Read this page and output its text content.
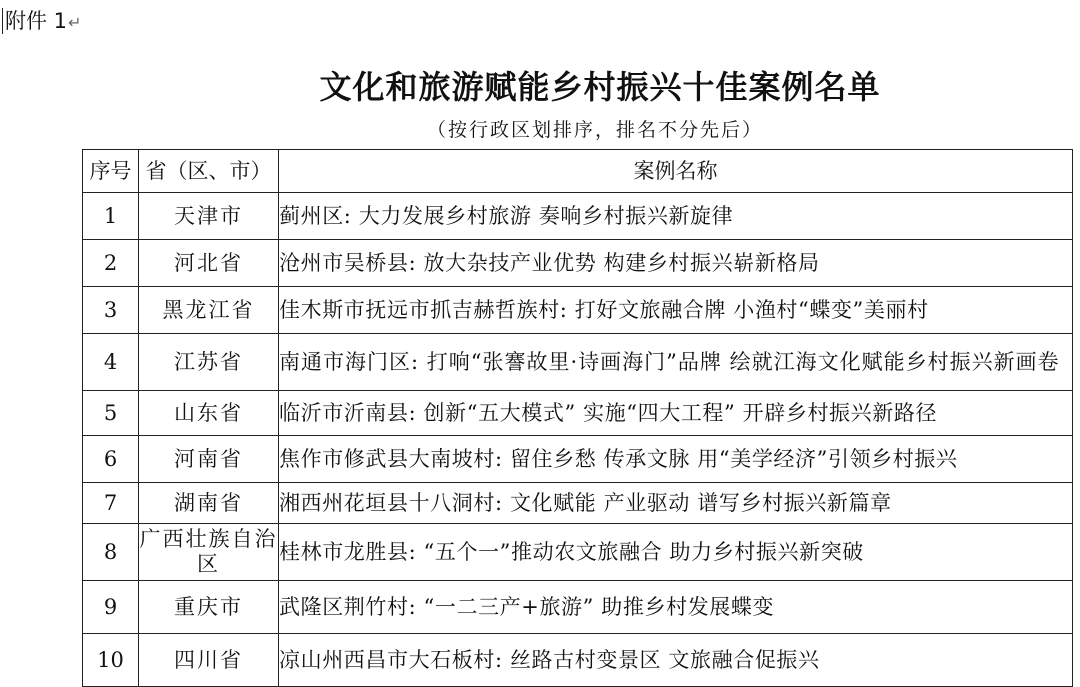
附件 1↵
文化和旅游赋能乡村振兴十佳案例名单
（按行政区划排序，排名不分先后）
序号	省（区、市）	案例名称
1	天津市	蓟州区: 大力发展乡村旅游 奏响乡村振兴新旋律
2	河北省	沧州市吴桥县: 放大杂技产业优势 构建乡村振兴崭新格局
3	黑龙江省	佳木斯市抚远市抓吉赫哲族村: 打好文旅融合牌 小渔村“蝶变”美丽村
4	江苏省	南通市海门区: 打响“张謇故里·诗画海门”品牌 绘就江海文化赋能乡村振兴新画卷
5	山东省	临沂市沂南县: 创新“五大模式” 实施“四大工程” 开辟乡村振兴新路径
6	河南省	焦作市修武县大南坡村: 留住乡愁 传承文脉 用“美学经济”引领乡村振兴
7	湖南省	湘西州花垣县十八洞村: 文化赋能 产业驱动 谱写乡村振兴新篇章
8	广西壮族自治区	桂林市龙胜县: “五个一”推动农文旅融合 助力乡村振兴新突破
9	重庆市	武隆区荆竹村: “一二三产+旅游” 助推乡村发展蝶变
10	四川省	凉山州西昌市大石板村: 丝路古村变景区 文旅融合促振兴
